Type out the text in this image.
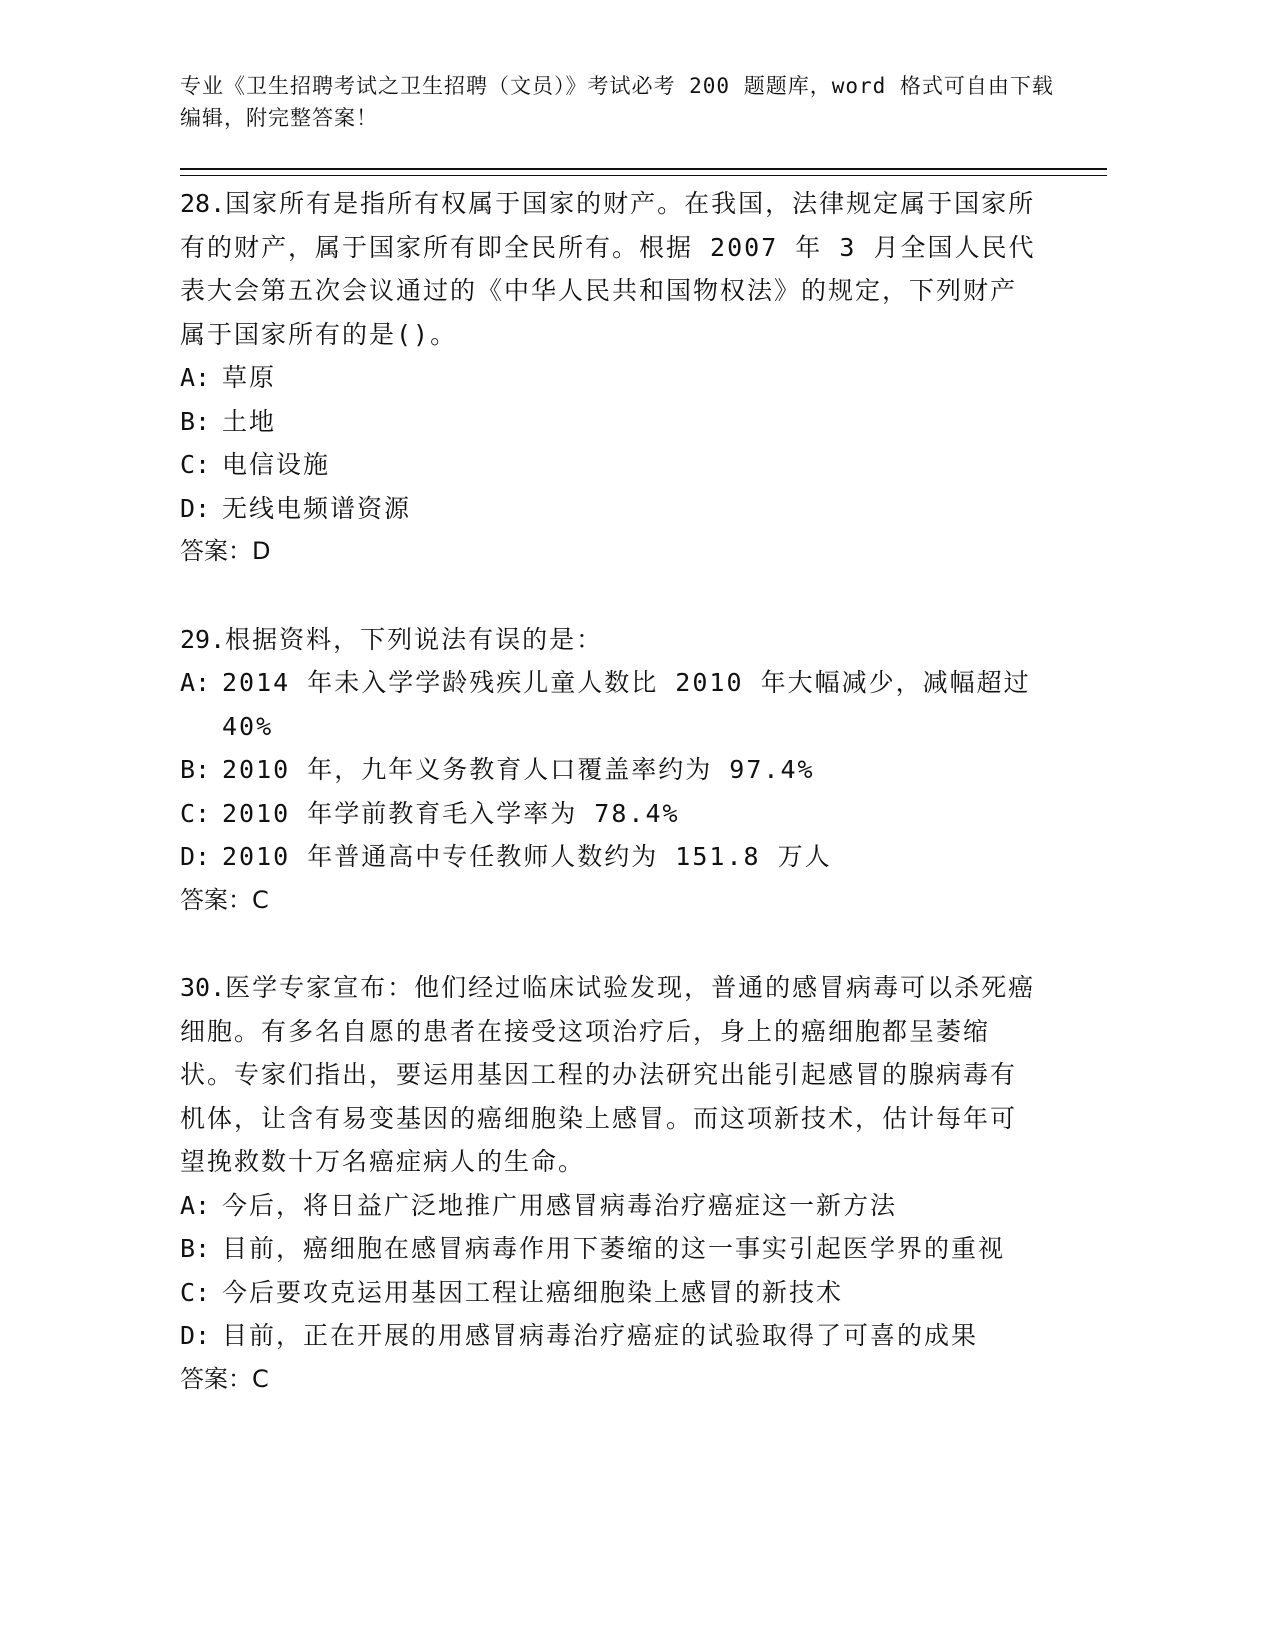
专业《卫生招聘考试之卫生招聘（文员）》考试必考 200 题题库，word 格式可自由下载编辑，附完整答案！

28.国家所有是指所有权属于国家的财产。在我国，法律规定属于国家所有的财产，属于国家所有即全民所有。根据 2007 年 3 月全国人民代表大会第五次会议通过的《中华人民共和国物权法》的规定，下列财产属于国家所有的是()。

A: 草原
B: 土地
C: 电信设施
D: 无线电频谱资源

答案：D

29.根据资料，下列说法有误的是：

A: 2014 年未入学学龄残疾儿童人数比 2010 年大幅减少，减幅超过 40%
B: 2010 年，九年义务教育人口覆盖率约为 97.4%
C: 2010 年学前教育毛入学率为 78.4%
D: 2010 年普通高中专任教师人数约为 151.8 万人

答案：C

30.医学专家宣布：他们经过临床试验发现，普通的感冒病毒可以杀死癌细胞。有多名自愿的患者在接受这项治疗后，身上的癌细胞都呈萎缩状。专家们指出，要运用基因工程的办法研究出能引起感冒的腺病毒有机体，让含有易变基因的癌细胞染上感冒。而这项新技术，估计每年可望挽救数十万名癌症病人的生命。

A: 今后，将日益广泛地推广用感冒病毒治疗癌症这一新方法
B: 目前，癌细胞在感冒病毒作用下萎缩的这一事实引起医学界的重视
C: 今后要攻克运用基因工程让癌细胞染上感冒的新技术
D: 目前，正在开展的用感冒病毒治疗癌症的试验取得了可喜的成果

答案：C
